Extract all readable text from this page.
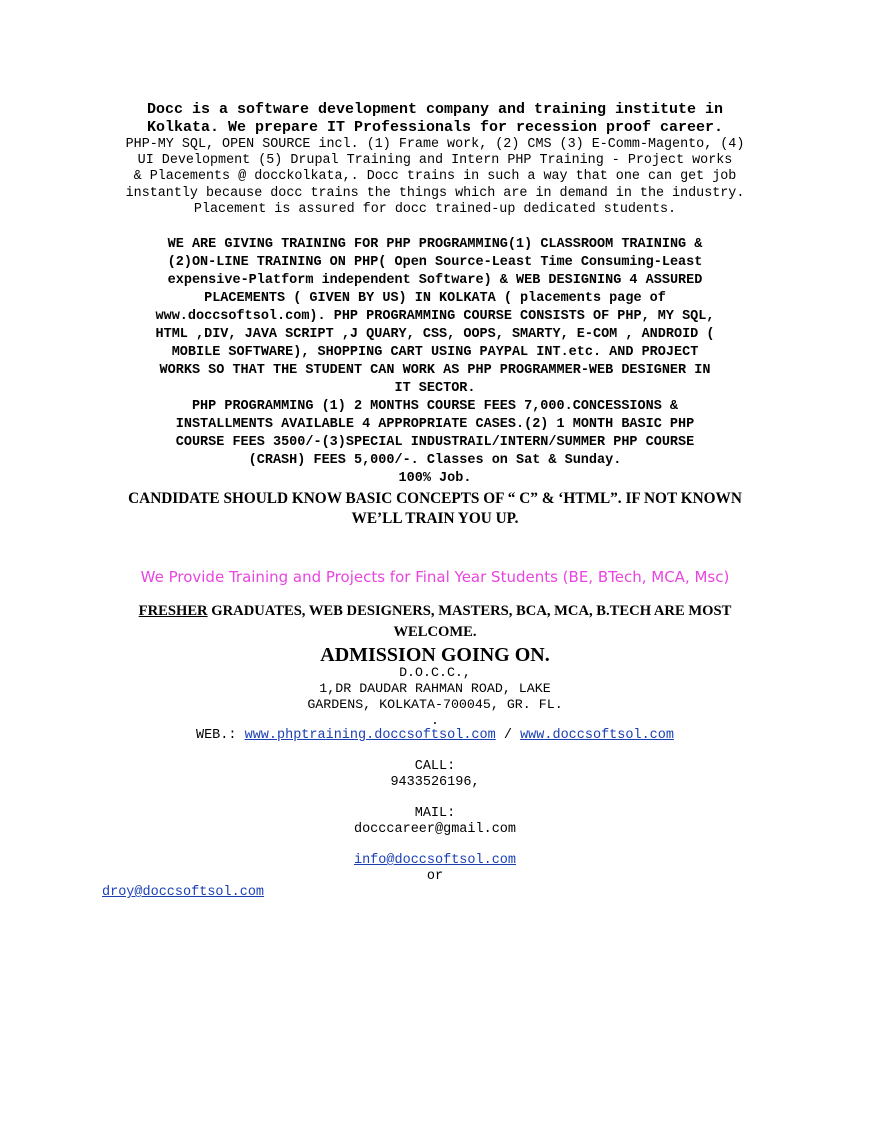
Docc is a software development company and training institute in
Kolkata. We prepare IT Professionals for recession proof career.
PHP-MY SQL, OPEN SOURCE incl. (1) Frame work, (2) CMS (3) E-Comm-Magento, (4)
UI Development (5) Drupal Training and Intern PHP Training - Project works
& Placements @ docckolkata,. Docc trains in such a way that one can get job
instantly because docc trains the things which are in demand in the industry.
Placement is assured for docc trained-up dedicated students.
WE ARE GIVING TRAINING FOR PHP PROGRAMMING(1) CLASSROOM TRAINING &
(2)ON-LINE TRAINING ON PHP( Open Source-Least Time Consuming-Least
expensive-Platform independent Software) & WEB DESIGNING 4 ASSURED
PLACEMENTS ( GIVEN BY US) IN KOLKATA ( placements page of
www.doccsoftsol.com). PHP PROGRAMMING COURSE CONSISTS OF PHP, MY SQL,
HTML ,DIV, JAVA SCRIPT ,J QUARY, CSS, OOPS, SMARTY, E-COM , ANDROID (
MOBILE SOFTWARE), SHOPPING CART USING PAYPAL INT.etc. AND PROJECT
WORKS SO THAT THE STUDENT CAN WORK AS PHP PROGRAMMER-WEB DESIGNER IN
IT SECTOR.
PHP PROGRAMMING (1) 2 MONTHS COURSE FEES 7,000.CONCESSIONS &
INSTALLMENTS AVAILABLE 4 APPROPRIATE CASES.(2) 1 MONTH BASIC PHP
COURSE FEES 3500/-(3)SPECIAL INDUSTRAIL/INTERN/SUMMER PHP COURSE
(CRASH) FEES 5,000/-. Classes on Sat & Sunday.
100% Job.
CANDIDATE SHOULD KNOW BASIC CONCEPTS OF “ C” & ‘HTML”. IF NOT KNOWN
WE’LL TRAIN YOU UP.
We Provide Training and Projects for Final Year Students (BE, BTech, MCA, Msc)
FRESHER GRADUATES, WEB DESIGNERS, MASTERS, BCA, MCA, B.TECH ARE MOST
WELCOME.
ADMISSION GOING ON.
D.O.C.C.,
1,DR DAUDAR RAHMAN ROAD, LAKE
GARDENS, KOLKATA-700045, GR. FL.
.
WEB.: www.phptraining.doccsoftsol.com / www.doccsoftsol.com
CALL:
9433526196,
MAIL:
docccareer@gmail.com
info@doccsoftsol.com
or
droy@doccsoftsol.com
